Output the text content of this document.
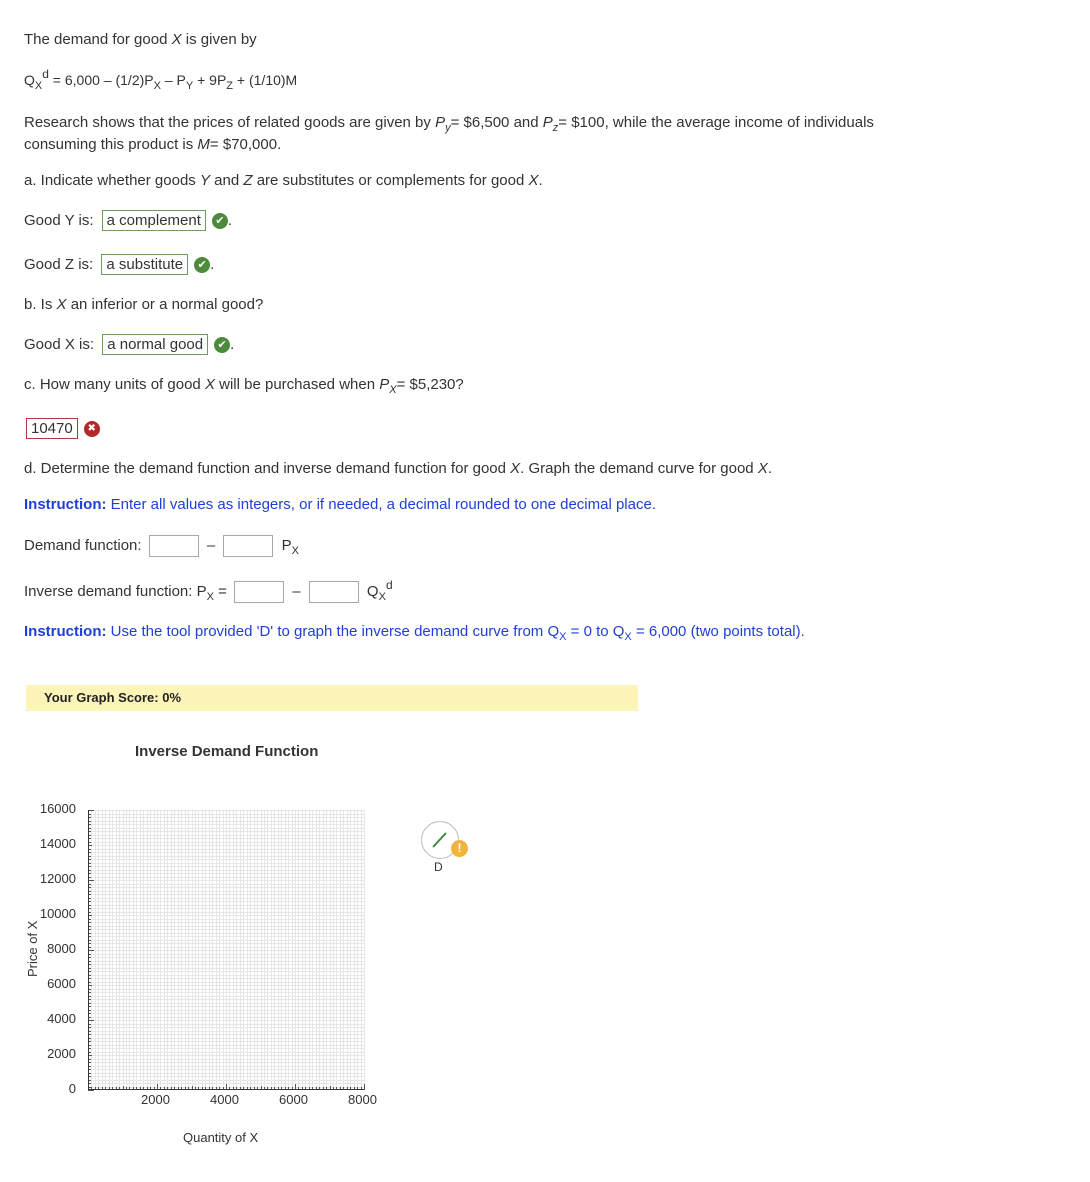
The demand for good X is given by
$Q_X^d = 6,000 - (1/2)P_X - P_Y + 9P_Z + (1/10)M$
Research shows that the prices of related goods are given by $P_y=$ $6,500 and $P_z=$ $100, while the average income of individuals
consuming this product is M= $70,000.
a. Indicate whether goods Y and Z are substitutes or complements for good X.
Good Y is: a complement ✔ .
Good Z is: a substitute ✔ .
b. Is X an inferior or a normal good?
Good X is: a normal good ✔ .
c. How many units of good X will be purchased when $P_X=$ $5,230?
10470 ✖
d. Determine the demand function and inverse demand function for good X. Graph the demand curve for good X.
Instruction: Enter all values as integers, or if needed, a decimal rounded to one decimal place.
Demand function:	–	$P_X$
Inverse demand function: $P_X$ =	–	$Q_X^d$
Instruction: Use the tool provided 'D' to graph the inverse demand curve from $Q_X = 0$ to $Q_X = 6,000$ (two points total).
Your Graph Score: 0%
Inverse Demand Function
16000
14000
12000
10000
8000
6000
4000
2000
0
2000	4000	6000	8000
Price of X
Quantity of X
!
D
